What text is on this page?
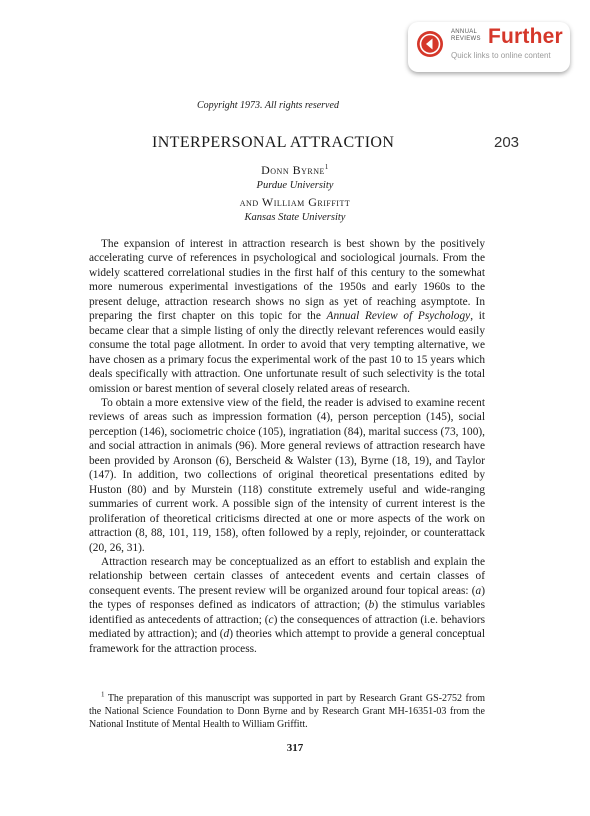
ANNUAL
REVIEWS Further
Quick links to online content
Copyright 1973. All rights reserved
INTERPERSONAL ATTRACTION	203
Donn Byrne$^1$
Purdue University
and William Griffitt
Kansas State University

The expansion of interest in attraction research is best shown by the positively accelerating curve of references in psychological and sociological journals. From the widely scattered correlational studies in the first half of this century to the somewhat more numerous experimental investigations of the 1950s and early 1960s to the present deluge, attraction research shows no sign as yet of reaching asymptote. In preparing the first chapter on this topic for the Annual Review of Psychology, it became clear that a simple listing of only the directly relevant references would easily consume the total page allotment. In order to avoid that very tempting alternative, we have chosen as a primary focus the experimental work of the past 10 to 15 years which deals specifically with attraction. One unfortunate result of such selectivity is the total omission or barest mention of several closely related areas of research.

To obtain a more extensive view of the field, the reader is advised to examine recent reviews of areas such as impression formation (4), person perception (145), social perception (146), sociometric choice (105), ingratiation (84), marital success (73, 100), and social attraction in animals (96). More general reviews of attraction research have been provided by Aronson (6), Berscheid & Walster (13), Byrne (18, 19), and Taylor (147). In addition, two collections of original theoretical presentations edited by Huston (80) and by Murstein (118) constitute extremely useful and wide-ranging summaries of current work. A possible sign of the intensity of current interest is the proliferation of theoretical criticisms directed at one or more aspects of the work on attraction (8, 88, 101, 119, 158), often followed by a reply, rejoinder, or counterattack (20, 26, 31).

Attraction research may be conceptualized as an effort to establish and explain the relationship between certain classes of antecedent events and certain classes of consequent events. The present review will be organized around four topical areas: (a) the types of responses defined as indicators of attraction; (b) the stimulus variables identified as antecedents of attraction; (c) the consequences of attraction (i.e. behaviors mediated by attraction); and (d) theories which attempt to provide a general conceptual framework for the attraction process.

$^1$ The preparation of this manuscript was supported in part by Research Grant GS-2752 from the National Science Foundation to Donn Byrne and by Research Grant MH-16351-03 from the National Institute of Mental Health to William Griffitt.

317
